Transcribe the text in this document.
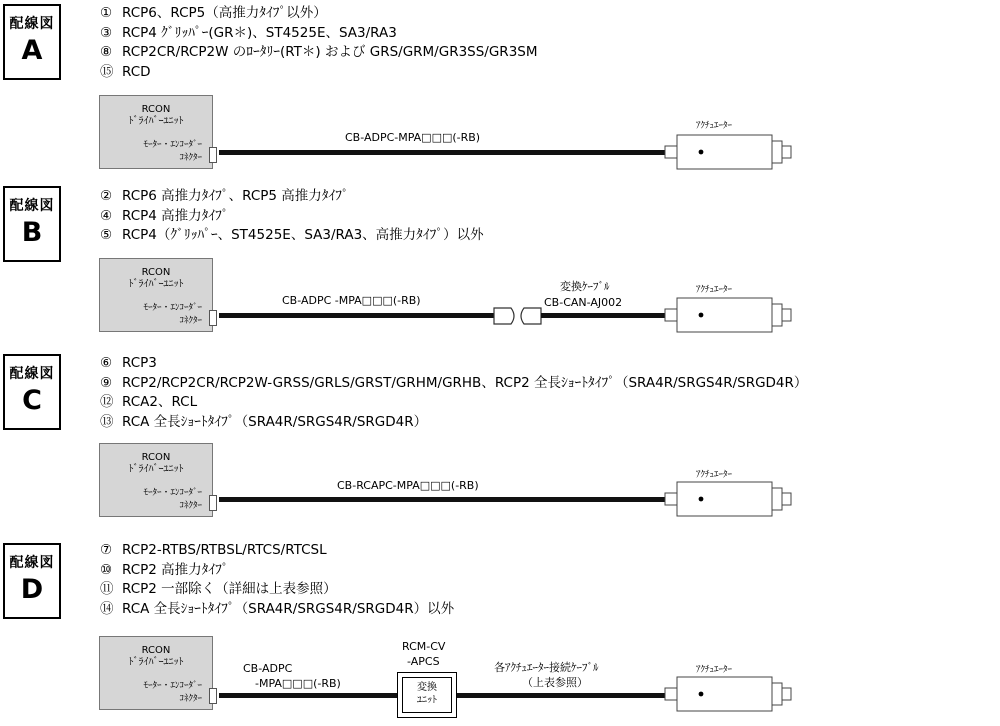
配線図
A
① RCP6、RCP5（高推力ﾀｲﾌﾟ以外）
③ RCP4 ｸﾞﾘｯﾊﾟｰ(GR＊)、ST4525E、SA3/RA3
⑧ RCP2CR/RCP2W のﾛｰﾀﾘｰ(RT＊) および GRS/GRM/GR3SS/GR3SM
⑮ RCD
RCON
ﾄﾞﾗｲﾊﾞｰﾕﾆｯﾄ
ﾓｰﾀｰ・ｴﾝｺｰﾀﾞｰ
ｺﾈｸﾀｰ
CB-ADPC-MPA□□□(-RB)
ｱｸﾁｭｴｰﾀｰ
配線図
B
② RCP6 高推力ﾀｲﾌﾟ、RCP5 高推力ﾀｲﾌﾟ
④ RCP4 高推力ﾀｲﾌﾟ
⑤ RCP4（ｸﾞﾘｯﾊﾟｰ、ST4525E、SA3/RA3、高推力ﾀｲﾌﾟ）以外
RCON
ﾄﾞﾗｲﾊﾞｰﾕﾆｯﾄ
ﾓｰﾀｰ・ｴﾝｺｰﾀﾞｰ
ｺﾈｸﾀｰ
CB-ADPC -MPA□□□(-RB)
変換ｹｰﾌﾞﾙ
CB-CAN-AJ002
ｱｸﾁｭｴｰﾀｰ
配線図
C
⑥ RCP3
⑨ RCP2/RCP2CR/RCP2W-GRSS/GRLS/GRST/GRHM/GRHB、RCP2 全長ｼｮｰﾄﾀｲﾌﾟ（SRA4R/SRGS4R/SRGD4R）
⑫ RCA2、RCL
⑬ RCA 全長ｼｮｰﾄﾀｲﾌﾟ（SRA4R/SRGS4R/SRGD4R）
RCON
ﾄﾞﾗｲﾊﾞｰﾕﾆｯﾄ
ﾓｰﾀｰ・ｴﾝｺｰﾀﾞｰ
ｺﾈｸﾀｰ
CB-RCAPC-MPA□□□(-RB)
ｱｸﾁｭｴｰﾀｰ
配線図
D
⑦ RCP2-RTBS/RTBSL/RTCS/RTCSL
⑩ RCP2 高推力ﾀｲﾌﾟ
⑪ RCP2 一部除く（詳細は上表参照）
⑭ RCA 全長ｼｮｰﾄﾀｲﾌﾟ（SRA4R/SRGS4R/SRGD4R）以外
RCON
ﾄﾞﾗｲﾊﾞｰﾕﾆｯﾄ
ﾓｰﾀｰ・ｴﾝｺｰﾀﾞｰ
ｺﾈｸﾀｰ
CB-ADPC
-MPA□□□(-RB)
RCM-CV
-APCS
変換
ﾕﾆｯﾄ
各ｱｸﾁｭｴｰﾀｰ接続ｹｰﾌﾞﾙ
（上表参照）
ｱｸﾁｭｴｰﾀｰ
